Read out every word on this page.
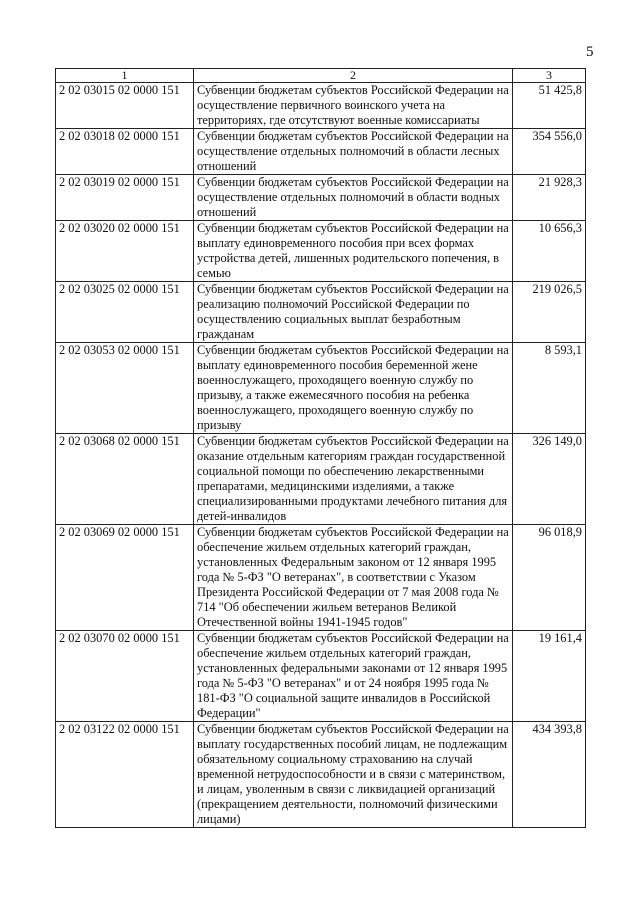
5
1	2	3
2 02 03015 02 0000 151	Субвенции бюджетам субъектов Российской Федерации на осуществление первичного воинского учета на территориях, где отсутствуют военные комиссариаты	51 425,8
2 02 03018 02 0000 151	Субвенции бюджетам субъектов Российской Федерации на осуществление отдельных полномочий в области лесных отношений	354 556,0
2 02 03019 02 0000 151	Субвенции бюджетам субъектов Российской Федерации на осуществление отдельных полномочий в области водных отношений	21 928,3
2 02 03020 02 0000 151	Субвенции бюджетам субъектов Российской Федерации на выплату единовременного пособия при всех формах устройства детей, лишенных родительского попечения, в семью	10 656,3
2 02 03025 02 0000 151	Субвенции бюджетам субъектов Российской Федерации на реализацию полномочий Российской Федерации по осуществлению социальных выплат безработным гражданам	219 026,5
2 02 03053 02 0000 151	Субвенции бюджетам субъектов Российской Федерации на выплату единовременного пособия беременной жене военнослужащего, проходящего военную службу по призыву, а также ежемесячного пособия на ребенка военнослужащего, проходящего военную службу по призыву	8 593,1
2 02 03068 02 0000 151	Субвенции бюджетам субъектов Российской Федерации на оказание отдельным категориям граждан государственной социальной помощи по обеспечению лекарственными препаратами, медицинскими изделиями, а также специализированными продуктами лечебного питания для детей-инвалидов	326 149,0
2 02 03069 02 0000 151	Субвенции бюджетам субъектов Российской Федерации на обеспечение жильем отдельных категорий граждан, установленных Федеральным законом от 12 января 1995 года № 5-ФЗ "О ветеранах", в соответствии с Указом Президента Российской Федерации от 7 мая 2008 года № 714 "Об обеспечении жильем ветеранов Великой Отечественной войны 1941-1945 годов"	96 018,9
2 02 03070 02 0000 151	Субвенции бюджетам субъектов Российской Федерации на обеспечение жильем отдельных категорий граждан, установленных федеральными законами от 12 января 1995 года № 5-ФЗ "О ветеранах" и от 24 ноября 1995 года № 181-ФЗ "О социальной защите инвалидов в Российской Федерации"	19 161,4
2 02 03122 02 0000 151	Субвенции бюджетам субъектов Российской Федерации на выплату государственных пособий лицам, не подлежащим обязательному социальному страхованию на случай временной нетрудоспособности и в связи с материнством, и лицам, уволенным в связи с ликвидацией организаций (прекращением деятельности, полномочий физическими лицами)	434 393,8
